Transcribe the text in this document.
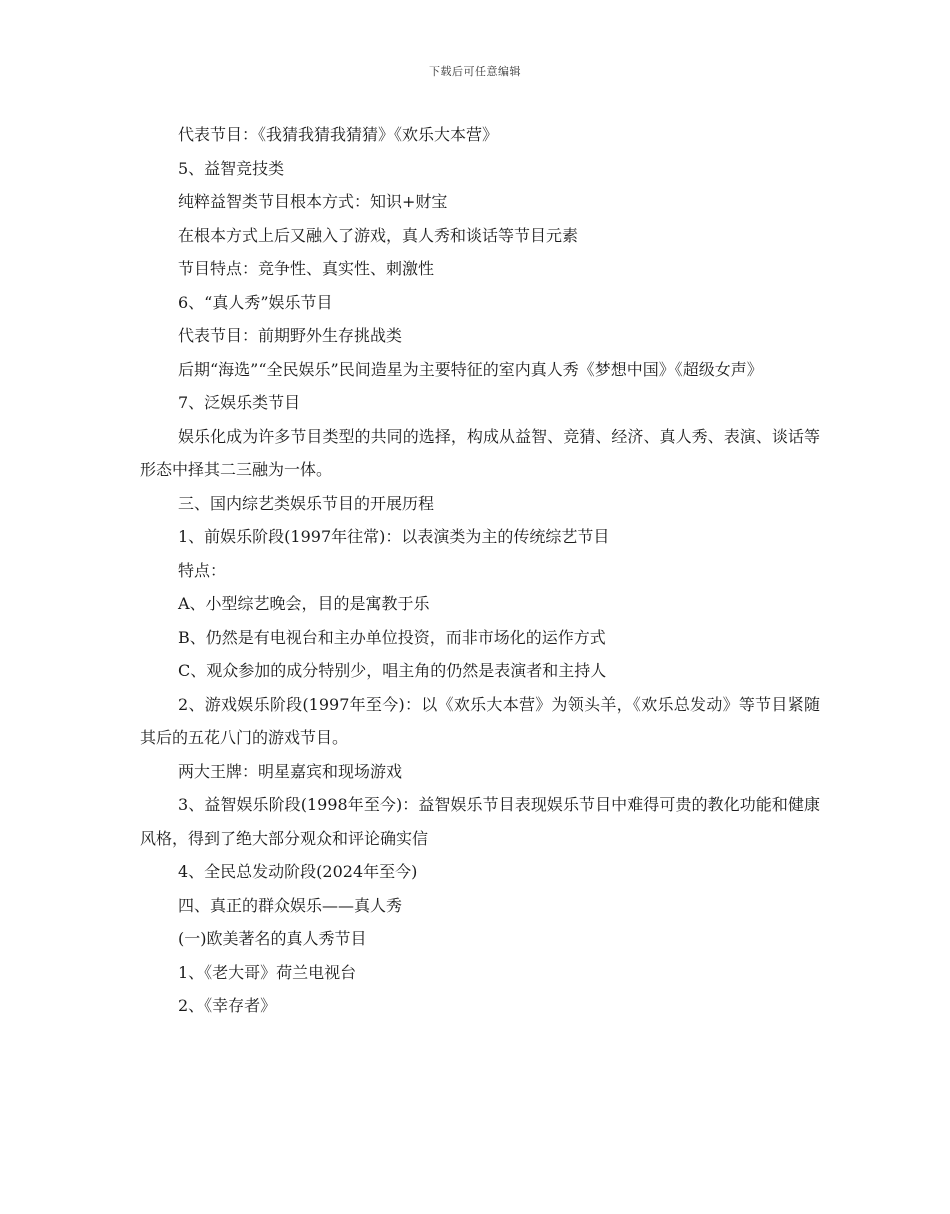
下载后可任意编辑

代表节目：《我猜我猜我猜猜》《欢乐大本营》

5、益智竞技类

纯粹益智类节目根本方式：知识+财宝

在根本方式上后又融入了游戏，真人秀和谈话等节目元素

节目特点：竞争性、真实性、刺激性

6、“真人秀”娱乐节目

代表节目：前期野外生存挑战类

后期“海选”“全民娱乐”民间造星为主要特征的室内真人秀《梦想中国》《超级女声》

7、泛娱乐类节目

娱乐化成为许多节目类型的共同的选择，构成从益智、竞猜、经济、真人秀、表演、谈话等形态中择其二三融为一体。

三、国内综艺类娱乐节目的开展历程

1、前娱乐阶段(1997年往常)：以表演类为主的传统综艺节目

特点：

A、小型综艺晚会，目的是寓教于乐

B、仍然是有电视台和主办单位投资，而非市场化的运作方式

C、观众参加的成分特别少，唱主角的仍然是表演者和主持人

2、游戏娱乐阶段(1997年至今)：以《欢乐大本营》为领头羊，《欢乐总发动》等节目紧随其后的五花八门的游戏节目。

两大王牌：明星嘉宾和现场游戏

3、益智娱乐阶段(1998年至今)：益智娱乐节目表现娱乐节目中难得可贵的教化功能和健康风格，得到了绝大部分观众和评论确实信

4、全民总发动阶段(2024年至今)

四、真正的群众娱乐——真人秀

(一)欧美著名的真人秀节目

1、《老大哥》荷兰电视台

2、《幸存者》
